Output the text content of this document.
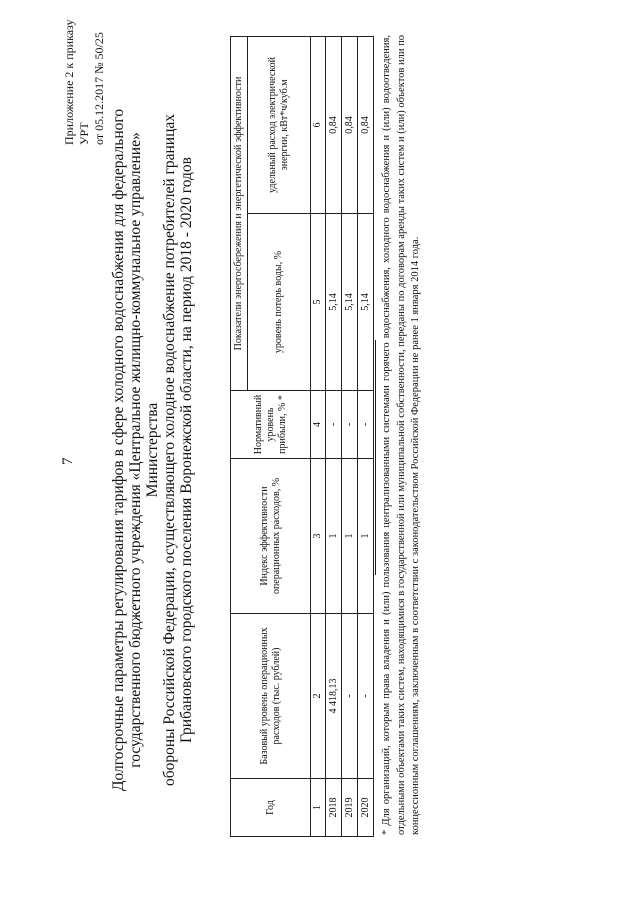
7
Приложение 2 к приказу УРТ от 05.12.2017 № 50/25
Долгосрочные параметры регулирования тарифов в сфере холодного водоснабжения для федерального государственного бюджетного учреждения «Центральное жилищно-коммунальное управление» Министерства обороны Российской Федерации, осуществляющего холодное водоснабжение потребителей границах Грибановского городского поселения Воронежской области, на период 2018 - 2020 годов
Год	Базовый уровень операционных расходов (тыс. рублей)	Индекс эффективности операционных расходов, %	Нормативный уровень прибыли, % *	Показатели энергосбережения и энергетической эффективности	
				уровень потерь воды, %	удельный расход электрической энергии, кВт*ч/куб.м
1	2	3	4	5	6
2018	4 418,13	1	-	5,14	0,84
2019	-	1	-	5,14	0,84
2020	-	1	-	5,14	0,84 * Для организаций, которым права владения и (или) пользования централизованными системами горячего водоснабжения, холодного водоснабжения и (или) водоотведения, отдельными объектами таких систем, находящимися в государственной или муниципальной собственности, переданы по договорам аренды таких систем и (или) объектов или по концессионным соглашениям, заключенным в соответствии с законодательством Российской Федерации не ранее 1 января 2014 года.
